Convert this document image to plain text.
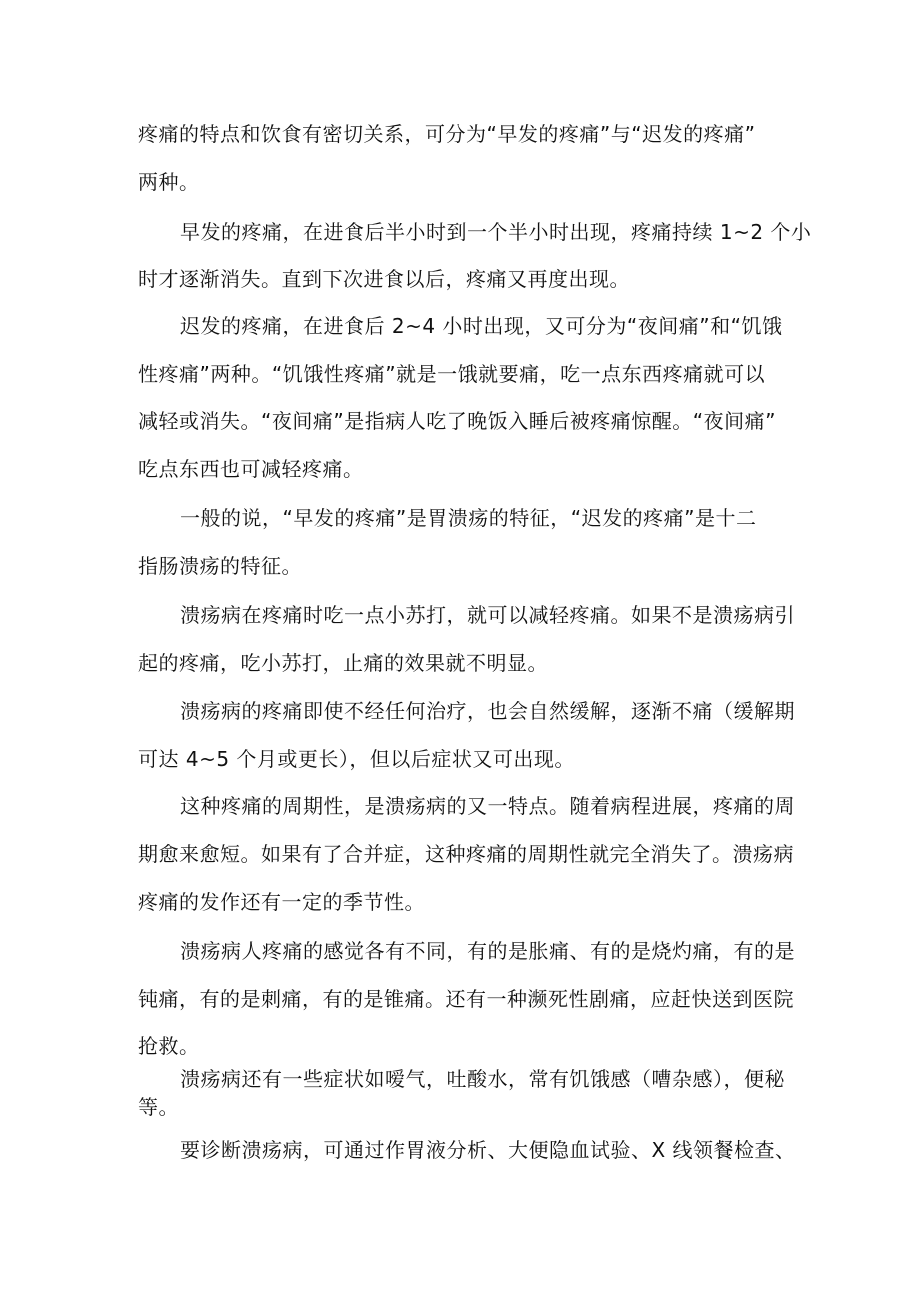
疼痛的特点和饮食有密切关系，可分为“早发的疼痛”与“迟发的疼痛”
两种。
早发的疼痛，在进食后半小时到一个半小时出现，疼痛持续 1~2 个小
时才逐渐消失。直到下次进食以后，疼痛又再度出现。
迟发的疼痛，在进食后 2~4 小时出现，又可分为“夜间痛”和“饥饿
性疼痛”两种。“饥饿性疼痛”就是一饿就要痛，吃一点东西疼痛就可以
减轻或消失。“夜间痛”是指病人吃了晚饭入睡后被疼痛惊醒。“夜间痛”
吃点东西也可减轻疼痛。
一般的说，“早发的疼痛”是胃溃疡的特征，“迟发的疼痛”是十二
指肠溃疡的特征。
溃疡病在疼痛时吃一点小苏打，就可以减轻疼痛。如果不是溃疡病引
起的疼痛，吃小苏打，止痛的效果就不明显。
溃疡病的疼痛即使不经任何治疗，也会自然缓解，逐渐不痛（缓解期
可达 4~5 个月或更长），但以后症状又可出现。
这种疼痛的周期性，是溃疡病的又一特点。随着病程进展，疼痛的周
期愈来愈短。如果有了合并症，这种疼痛的周期性就完全消失了。溃疡病
疼痛的发作还有一定的季节性。
溃疡病人疼痛的感觉各有不同，有的是胀痛、有的是烧灼痛，有的是
钝痛，有的是刺痛，有的是锥痛。还有一种濒死性剧痛，应赶快送到医院
抢救。
溃疡病还有一些症状如嗳气，吐酸水，常有饥饿感（嘈杂感），便秘
等。
要诊断溃疡病，可通过作胃液分析、大便隐血试验、X 线领餐检查、
